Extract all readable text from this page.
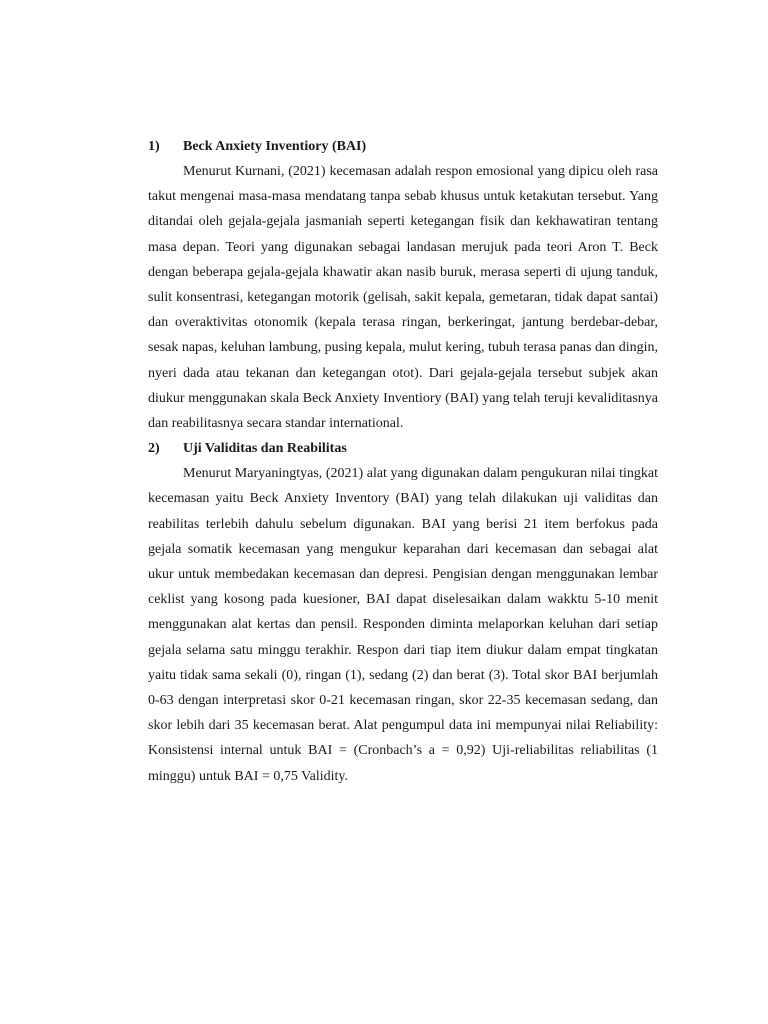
1)	Beck Anxiety Inventiory (BAI)

Menurut Kurnani, (2021) kecemasan adalah respon emosional yang dipicu oleh rasa takut mengenai masa-masa mendatang tanpa sebab khusus untuk ketakutan tersebut. Yang ditandai oleh gejala-gejala jasmaniah seperti ketegangan fisik dan kekhawatiran tentang masa depan. Teori yang digunakan sebagai landasan merujuk pada teori Aron T. Beck dengan beberapa gejala-gejala khawatir akan nasib buruk, merasa seperti di ujung tanduk, sulit konsentrasi, ketegangan motorik (gelisah, sakit kepala, gemetaran, tidak dapat santai) dan overaktivitas otonomik (kepala terasa ringan, berkeringat, jantung berdebar-debar, sesak napas, keluhan lambung, pusing kepala, mulut kering, tubuh terasa panas dan dingin, nyeri dada atau tekanan dan ketegangan otot). Dari gejala-gejala tersebut subjek akan diukur menggunakan skala Beck Anxiety Inventiory (BAI) yang telah teruji kevaliditasnya dan reabilitasnya secara standar international.

2)	Uji Validitas dan Reabilitas

Menurut Maryaningtyas, (2021) alat yang digunakan dalam pengukuran nilai tingkat kecemasan yaitu Beck Anxiety Inventory (BAI) yang telah dilakukan uji validitas dan reabilitas terlebih dahulu sebelum digunakan. BAI yang berisi 21 item berfokus pada gejala somatik kecemasan yang mengukur keparahan dari kecemasan dan sebagai alat ukur untuk membedakan kecemasan dan depresi. Pengisian dengan menggunakan lembar ceklist yang kosong pada kuesioner, BAI dapat diselesaikan dalam wakktu 5-10 menit menggunakan alat kertas dan pensil. Responden diminta melaporkan keluhan dari setiap gejala selama satu minggu terakhir. Respon dari tiap item diukur dalam empat tingkatan yaitu tidak sama sekali (0), ringan (1), sedang (2) dan berat (3). Total skor BAI berjumlah 0-63 dengan interpretasi skor 0-21 kecemasan ringan, skor 22-35 kecemasan sedang, dan skor lebih dari 35 kecemasan berat. Alat pengumpul data ini mempunyai nilai Reliability: Konsistensi internal untuk BAI = (Cronbach’s a = 0,92) Uji-reliabilitas reliabilitas (1 minggu) untuk BAI = 0,75 Validity.
